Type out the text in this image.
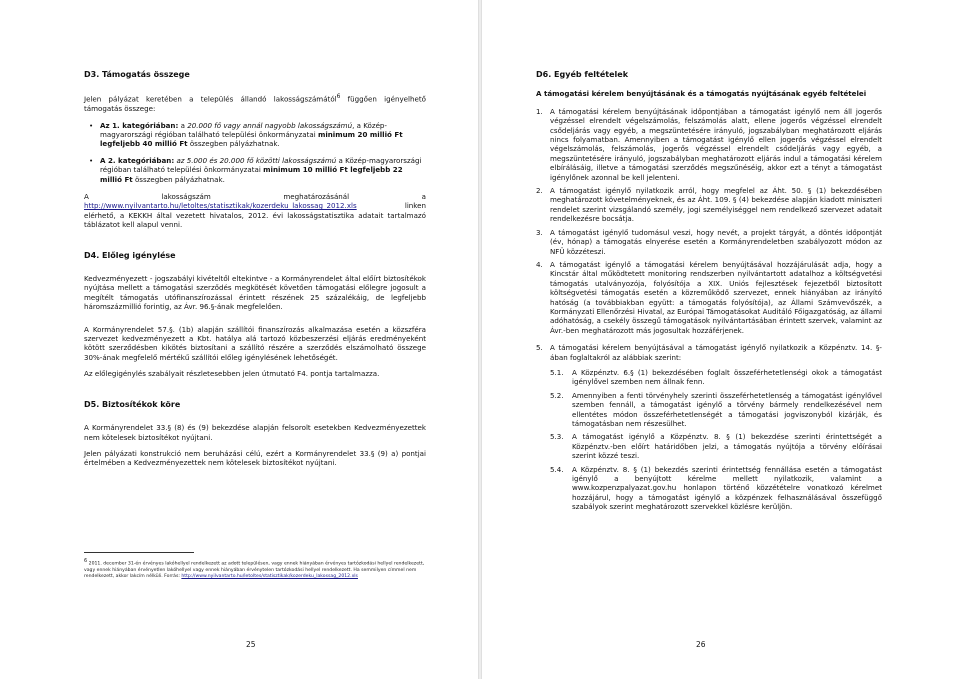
D3. Támogatás összege

Jelen pályázat keretében a település állandó lakosságszámától$^6$ függően igényelhető támogatás összege:

• Az 1. kategóriában: a 20.000 fő vagy annál nagyobb lakosságszámú, a Közép-magyarországi régióban található települési önkormányzatai minimum 20 millió Ft legfeljebb 40 millió Ft összegben pályázhatnak.
• A 2. kategóriában: az 5.000 és 20.000 fő közötti lakosságszámú a Közép-magyarországi régióban található települési önkormányzatai minimum 10 millió Ft legfeljebb 22 millió Ft összegben pályázhatnak.
A	lakosságszám	meghatározásánál	a
http://www.nyilvantarto.hu/letoltes/statisztikak/kozerdeku_lakossag_2012.xls	linken

elérhető, a KEKKH által vezetett hivatalos, 2012. évi lakosságstatisztika adatait tartalmazó táblázatot kell alapul venni.

D4. Előleg igénylése

Kedvezményezett - jogszabályi kivételtől eltekintve - a Kormányrendelet által előírt biztosítékok nyújtása mellett a támogatási szerződés megkötését követően támogatási előlegre jogosult a megítélt támogatás utófinanszírozással érintett részének 25 százalékáig, de legfeljebb háromszázmillió forintig, az Ávr. 96.§-ának megfelelően.

A Kormányrendelet 57.§. (1b) alapján szállítói finanszírozás alkalmazása esetén a közszféra szervezet kedvezményezett a Kbt. hatálya alá tartozó közbeszerzési eljárás eredményeként kötött szerződésben kikötés biztosítani a szállító részére a szerződés elszámolható összege 30%-ának megfelelő mértékű szállítói előleg igénylésének lehetőségét.

Az előlegigénylés szabályait részletesebben jelen útmutató F4. pontja tartalmazza.

D5. Biztosítékok köre

A Kormányrendelet 33.§ (8) és (9) bekezdése alapján felsorolt esetekben Kedvezményezettek nem kötelesek biztosítékot nyújtani.

Jelen pályázati konstrukció nem beruházási célú, ezért a Kormányrendelet 33.§ (9) a) pontjai értelmében a Kedvezményezettek nem kötelesek biztosítékot nyújtani.

$^6$ 2011. december 31-én érvényes lakóhellyel rendelkezett az adott településen, vagy ennek hiányában érvényes tartózkodási hellyel rendelkezett, vagy ennek hiányában érvényetlen lakóhellyel vagy ennek hiányában érvénytelen tartózkodási hellyel rendelkezett. Ha semmilyen címmel nem rendelkezett, akkor lakcím nélküli. Forrás: http://www.nyilvantarto.hu/letoltes/statisztikak/kozerdeku_lakossag_2012.xls
25
D6. Egyéb feltételek

A támogatási kérelem benyújtásának és a támogatás nyújtásának egyéb feltételei

1. A támogatási kérelem benyújtásának időpontjában a támogatást igénylő nem áll jogerős végzéssel elrendelt végelszámolás, felszámolás alatt, ellene jogerős végzéssel elrendelt csődeljárás vagy egyéb, a megszüntetésére irányuló, jogszabályban meghatározott eljárás nincs folyamatban. Amennyiben a támogatást igénylő ellen jogerős végzéssel elrendelt végelszámolás, felszámolás, jogerős végzéssel elrendelt csődeljárás vagy egyéb, a megszüntetésére irányuló, jogszabályban meghatározott eljárás indul a támogatási kérelem elbírálásáig, illetve a támogatási szerződés megszűnéséig, akkor ezt a tényt a támogatást igénylőnek azonnal be kell jelenteni.
2. A támogatást igénylő nyilatkozik arról, hogy megfelel az Áht. 50. § (1) bekezdésében meghatározott követelményeknek, és az Áht. 109. § (4) bekezdése alapján kiadott miniszteri rendelet szerint vizsgálandó személy, jogi személyiséggel nem rendelkező szervezet adatait rendelkezésre bocsátja.
3. A támogatást igénylő tudomásul veszi, hogy nevét, a projekt tárgyát, a döntés időpontját (év, hónap) a támogatás elnyerése esetén a Kormányrendeletben szabályozott módon az NFÜ közzéteszi.
4. A támogatást igénylő a támogatási kérelem benyújtásával hozzájárulását adja, hogy a Kincstár által működtetett monitoring rendszerben nyilvántartott adatalhoz a költségvetési támogatás utalványozója, folyósítója a XIX. Uniós fejlesztések fejezetből biztosított költségvetési támogatás esetén a közreműködő szervezet, ennek hiányában az irányító hatóság (a továbbiakban együtt: a támogatás folyósítója), az Állami Számvevőszék, a Kormányzati Ellenőrzési Hivatal, az Európai Támogatásokat Auditáló Főigazgatóság, az állami adóhatóság, a csekély összegű támogatások nyilvántartásában érintett szervek, valamint az Ávr.-ben meghatározott más jogosultak hozzáférjenek.
5. A támogatási kérelem benyújtásával a támogatást igénylő nyilatkozik a Közpénztv. 14. §-ában foglaltakról az alábbiak szerint:
5.1. A Közpénztv. 6.§ (1) bekezdésében foglalt összeférhetetlenségi okok a támogatást igénylővel szemben nem állnak fenn.
5.2. Amennyiben a fenti törvényhely szerinti összeférhetetlenség a támogatást igénylővel szemben fennáll, a támogatást igénylő a törvény bármely rendelkezésével nem ellentétes módon összeférhetetlenségét a támogatási jogviszonyból kizárják, és támogatásban nem részesülhet.
5.3. A támogatást igénylő a Közpénztv. 8. § (1) bekezdése szerinti érintettségét a Közpénztv.-ben előírt határidőben jelzi, a támogatás nyújtója a törvény előírásai szerint közzé teszi.
5.4. A Közpénztv. 8. § (1) bekezdés szerinti érintettség fennállása esetén a támogatást igénylő a benyújtott kérelme mellett nyilatkozik, valamint a www.kozpenzpalyazat.gov.hu honlapon történő közzétételre vonatkozó kérelmet hozzájárul, hogy a támogatást igénylő a közpénzek felhasználásával összefüggő szabályok szerint meghatározott szervekkel közlésre kerüljön.
26
